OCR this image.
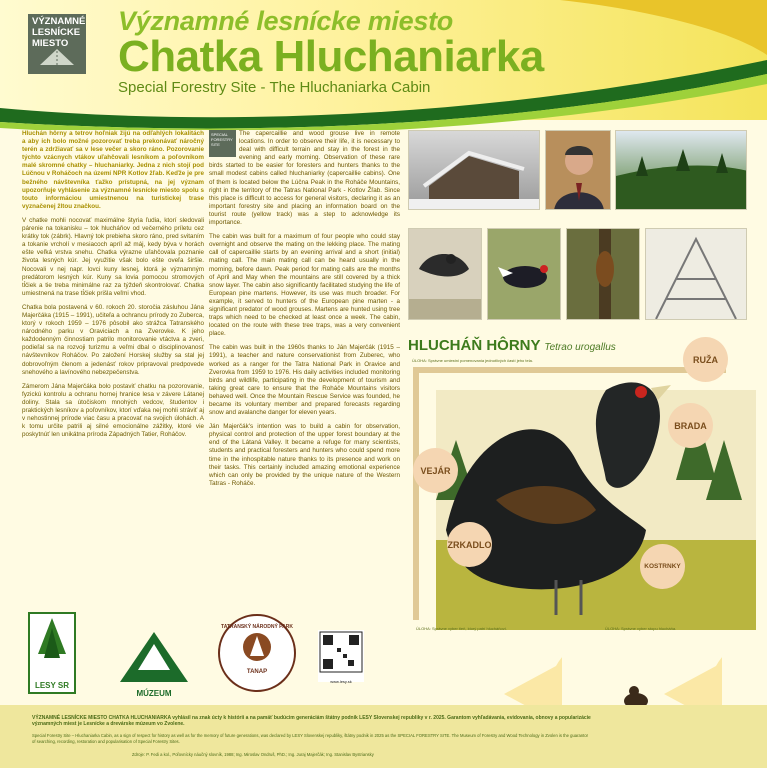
VÝZNAMNÉ
LESNÍCKE
MIESTO
Významné lesnícke miesto
Chatka Hluchaniarka
Special Forestry Site - The Hluchaniarka Cabin

Hluchán hôrny a tetrov hoľniak žijú na odľahlých lokalitách a aby ich bolo možné pozorovať treba prekonávať náročný terén a zdržiavať sa v lese večer a skoro ráno. Pozorovanie týchto vzácnych vtákov uľahčovali lesníkom a poľovníkom malé skromné chatky – hluchaniarky. Jedna z nich stojí pod Lúčnou v Roháčoch na území NPR Kotlov žľab. Keďže je pre bežného návštevníka ťažko prístupná, na jej význam upozorňuje vyhlásenie za významné lesnícke miesto spolu s touto informáciou umiestnenou na turistickej trase vyznačenej žltou značkou.

V chatke mohli nocovať maximálne štyria ľudia, ktorí sledovali párenie na tokanisku – tok hlucháňov od večerného príletu cez krátky tok (zábrk). Hlavný tok prebieha skoro ráno, pred svitaním a tokanie vrcholí v mesiacoch apríl až máj, kedy býva v horách ešte veľká vrstva snehu. Chatka výrazne uľahčovala poznanie života lesných kúr. Jej využitie však bolo ešte oveľa širšie. Nocovali v nej napr. lovci kuny lesnej, ktorá je významným predátorom lesných kúr. Kuny sa lovia pomocou stromových tĺčiek a tie treba minimálne raz za týždeň skontrolovať. Chatka umiestnená na trase tĺčiek prišla veľmi vhod.

Chatka bola postavená v 60. rokoch 20. storočia zásluhou Jána Majerčáka (1915 – 1991), učiteľa a ochrancu prírody zo Zuberca, ktorý v rokoch 1959 – 1976 pôsobil ako strážca Tatranského národného parku v Oraviciach a na Zverovke. K jeho každodenným činnostiam patrilo monitorovanie vtáctva a zveri, podieľal sa na rozvoji turizmu a veľmi dbal o disciplinovanosť návštevníkov Roháčov. Po založení Horskej služby sa stal jej dobrovoľným členom a jedenásť rokov pripravoval predpovede snehového a lavínového nebezpečenstva.

Zámerom Jána Majerčáka bolo postaviť chatku na pozorovanie, fyzickú kontrolu a ochranu hornej hranice lesa v závere Látanej doliny. Stala sa útočiskom mnohých vedcov, študentov i praktických lesníkov a poľovníkov, ktorí vďaka nej mohli stráviť aj v nehostinnej prírode viac času a pracovať na svojich úlohách. A k tomu určite patrili aj silné emocionálne zážitky, ktoré vie poskytnúť len unikátna príroda Západných Tatier, Roháčov.

SPECIAL FORESTRY SITE
The capercaillie and wood grouse live in remote locations. In order to observe their life, it is necessary to deal with difficult terrain and stay in the forest in the evening and early morning. Observation of these rare birds started to be easier for foresters and hunters thanks to the small modest cabins called hluchaniarky (capercaillie cabins). One of them is located below the Lúčna Peak in the Roháče Mountains, right in the territory of the Tatras National Park - Kotlov Žľab. Since this place is difficult to access for general visitors, declaring it as an important forestry site and placing an information board on the tourist route (yellow track) was a step to acknowledge its importance.

The cabin was built for a maximum of four people who could stay overnight and observe the mating on the lekking place. The mating call of capercaillie starts by an evening arrival and a short (initial) mating call. The main mating call can be heard usually in the morning, before dawn. Peak period for mating calls are the months of April and May when the mountains are still covered by a thick snow layer. The cabin also significantly facilitated studying the life of European pine martens. However, its use was much broader. For example, it served to hunters of the European pine marten - a significant predator of wood grouses. Martens are hunted using tree traps which need to be checked at least once a week. The cabin, located on the route with these tree traps, was a very convenient place.

The cabin was built in the 1960s thanks to Ján Majerčák (1915 – 1991), a teacher and nature conservationist from Zuberec, who worked as a ranger for the Tatra National Park in Oravice and Zverovka from 1959 to 1976. His daily activities included monitoring birds and wildlife, participating in the development of tourism and taking great care to ensure that the Roháče Mountains visitors behaved well. Once the Mountain Rescue Service was founded, he became its voluntary member and prepared forecasts regarding snow and avalanche danger for eleven years.

Ján Majerčák's intention was to build a cabin for observation, physical control and protection of the upper forest boundary at the end of the Látaná Valley. It became a refuge for many scientists, students and practical foresters and hunters who could spend more time in the inhospitable nature thanks to its presence and work on their tasks. This certainly included amazing emotional experience which can only be provided by the unique nature of the Western Tatras - Roháče.

HLUCHÁŇ HÔRNY Tetrao urogallus
ÚLOHA: Správne umiestni pomenovania jednotlivých častí jeho tela.	RUŽA
BRADA
VEJÁR
ZRKADLO
KOSTRNKY
ÚLOHA: Správne vyber tieň, ktorý patrí hlucháňovi.	ÚLOHA: Správne vyber stopu hlucháňa.
LESY SR
MÚZEUM
TATRANSKÝ NÁRODNÝ PARK
TANAP
www.lesy.sk
VÝZNAMNÉ LESNÍCKE MIESTO CHATKA HLUCHANIARKA vyhlásil na znak úcty k histórii a na pamäť budúcim generáciám štátny podnik LESY Slovenskej republiky v r. 2025. Garantom vyhľadávania, evidovania, obnovy a popularizácie významných miest je Lesnícke a drevárske múzeum vo Zvolene.
Special Forestry Site – Hluchaniarka Cabin, as a sign of respect for history as well as for the memory of future generations, was declared by LESY Slovenskej republiky, štátny podnik in 2025 as the SPECIAL FORESTRY SITE. The Museum of Forestry and Wood Technology in Zvolen is the guarantor of searching, recording, restoration and popularisation of Special Forestry Sites.
Zdroje: P. Fedi a kol., Poľovnícky náučný slovník, 1988; Ing. Miroslav Ondruš, PhD.; Ing. Juraj Majerčák; Ing. Stanislav Bystriansky
